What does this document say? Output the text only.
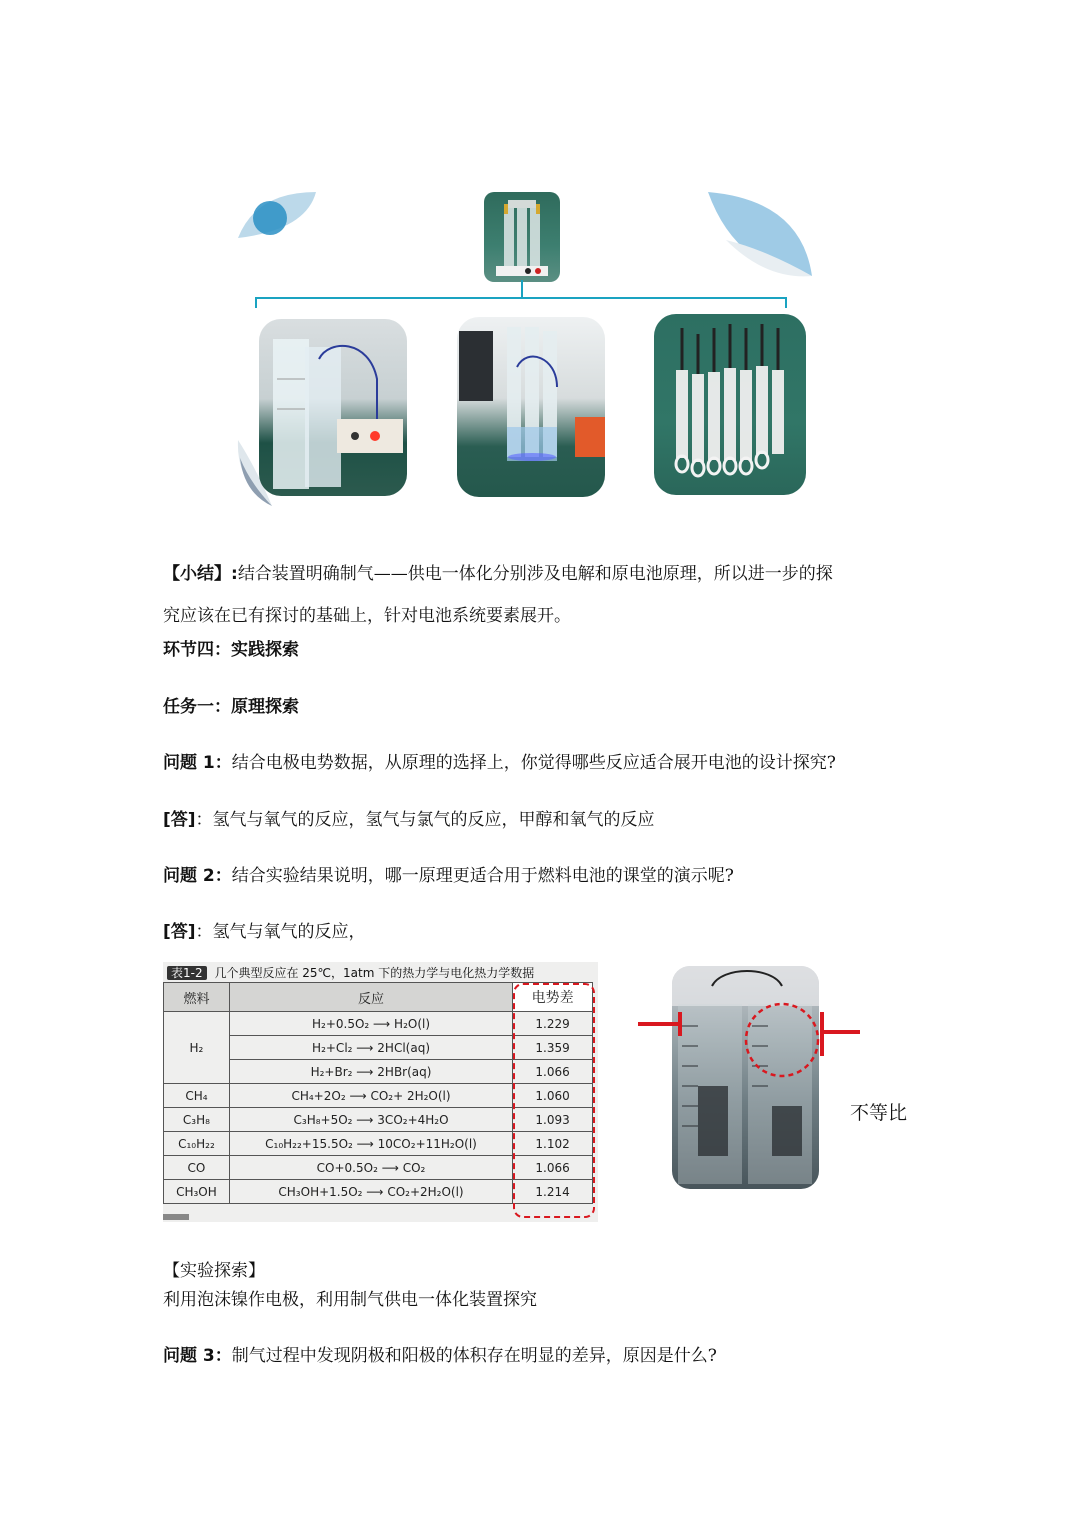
【小结】:结合装置明确制气——供电一体化分别涉及电解和原电池原理，所以进一步的探
究应该在已有探讨的基础上，针对电池系统要素展开。
环节四：实践探索
任务一：原理探索
问题 1：结合电极电势数据，从原理的选择上，你觉得哪些反应适合展开电池的设计探究?
[答]：氢气与氧气的反应，氢气与氯气的反应，甲醇和氧气的反应
问题 2：结合实验结果说明，哪一原理更适合用于燃料电池的课堂的演示呢?
[答]：氢气与氧气的反应，
表1-2 几个典型反应在 25℃，1atm 下的热力学与电化热力学数据
燃料	反应	电势差
H₂	H₂+0.5O₂ ⟶ H₂O(l)	1.229
	H₂+Cl₂ ⟶ 2HCl(aq)	1.359
	H₂+Br₂ ⟶ 2HBr(aq)	1.066
CH₄	CH₄+2O₂ ⟶ CO₂+ 2H₂O(l)	1.060
C₃H₈	C₃H₈+5O₂ ⟶ 3CO₂+4H₂O	1.093
C₁₀H₂₂	C₁₀H₂₂+15.5O₂ ⟶ 10CO₂+11H₂O(l)	1.102
CO	CO+0.5O₂ ⟶ CO₂	1.066
CH₃OH	CH₃OH+1.5O₂ ⟶ CO₂+2H₂O(l)	1.214
不等比
【实验探索】
利用泡沫镍作电极，利用制气供电一体化装置探究
问题 3：制气过程中发现阴极和阳极的体积存在明显的差异，原因是什么?
